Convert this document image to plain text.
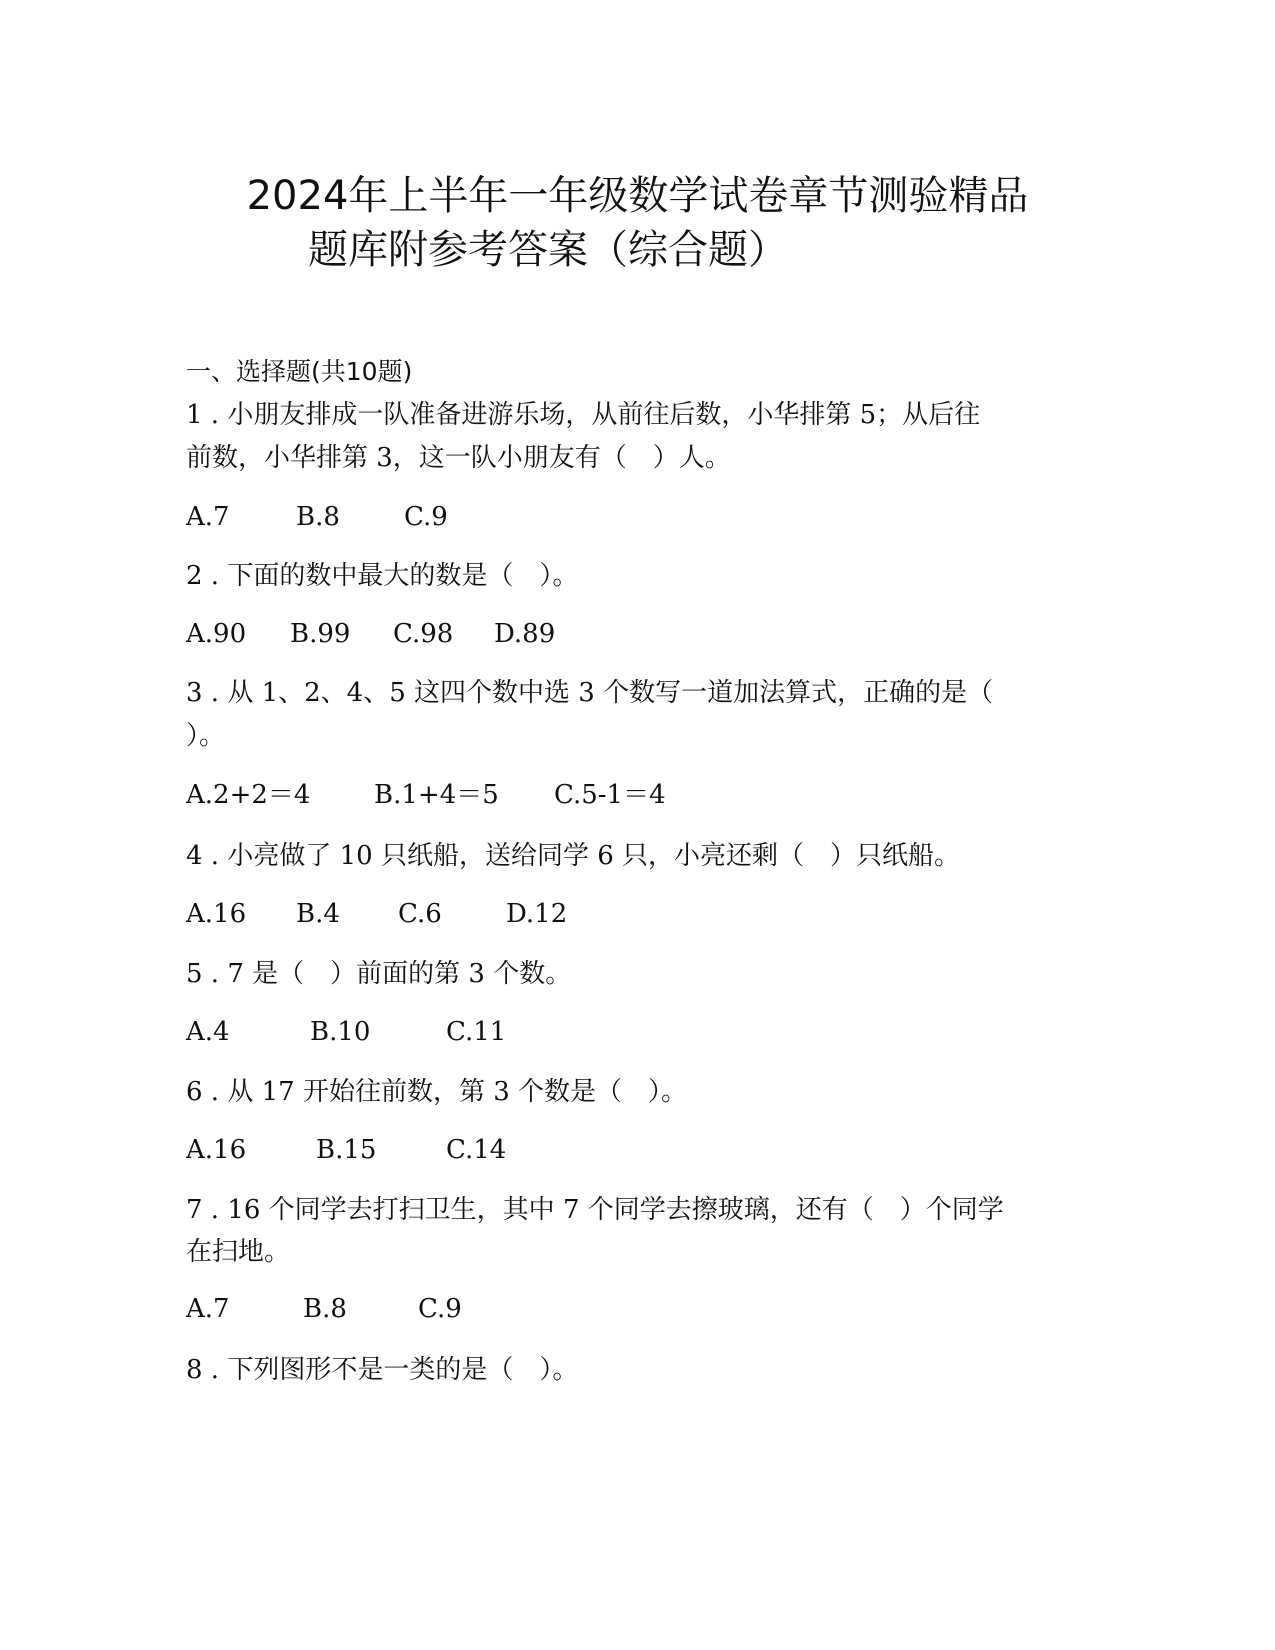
2024年上半年一年级数学试卷章节测验精品
题库附参考答案（综合题）
一、选择题(共10题)
1 . 小朋友排成一队准备进游乐场，从前往后数，小华排第 5；从后往
前数，小华排第 3，这一队小朋友有（　）人。
A.7	B.8 C.9
2 . 下面的数中最大的数是（　）。
A.90 B.99 C.98 D.89
3 . 从 1、2、4、5 这四个数中选 3 个数写一道加法算式，正确的是（
）。
A.2+2＝4 B.1+4＝5 C.5-1＝4
4 . 小亮做了 10 只纸船，送给同学 6 只，小亮还剩（　）只纸船。
A.16 B.4 C.6 D.12
5 . 7 是（　）前面的第 3 个数。
A.4	B.10	C.11
6 . 从 17 开始往前数，第 3 个数是（　）。
A.16	B.15	C.14
7 . 16 个同学去打扫卫生，其中 7 个同学去擦玻璃，还有（　）个同学
在扫地。
A.7	B.8	C.9
8 . 下列图形不是一类的是（　）。
